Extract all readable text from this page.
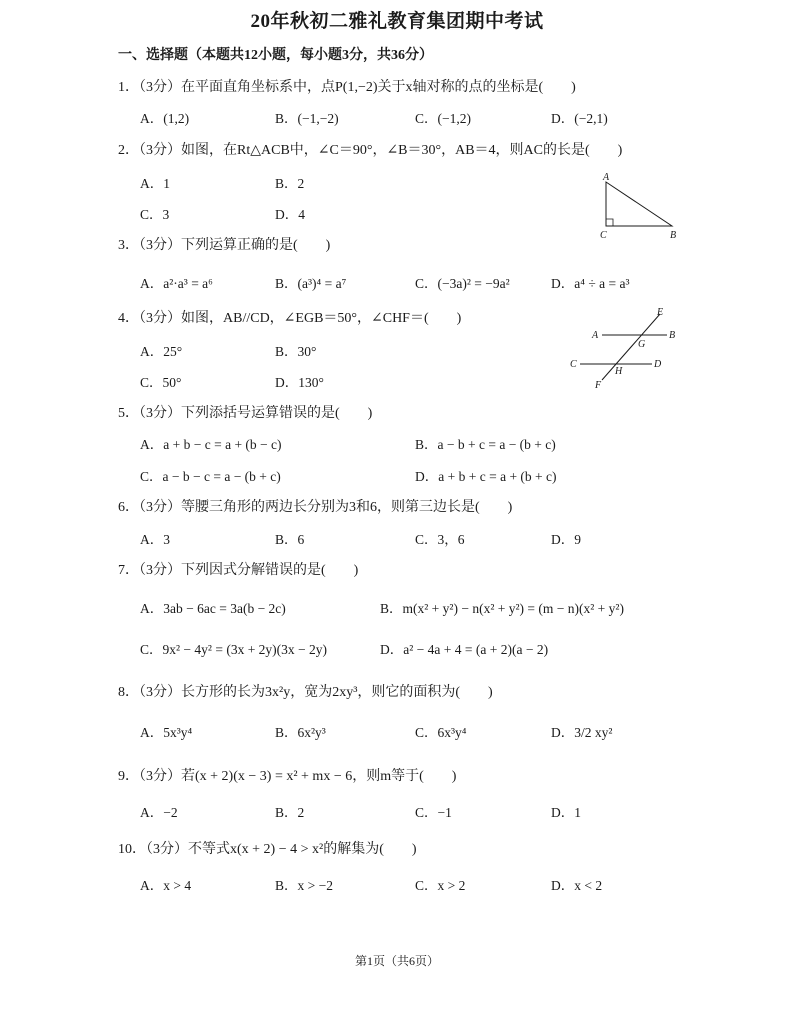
20年秋初二雅礼教育集团期中考试
一、选择题（本题共12小题，每小题3分，共36分）
1．（3分）在平面直角坐标系中，点P(1,−2)关于x轴对称的点的坐标是(　　)
A．(1,2)	B．(−1,−2)	C．(−1,2)	D．(−2,1)
2．（3分）如图，在Rt△ACB中，∠C＝90°，∠B＝30°，AB＝4，则AC的长是(　　)
A．1	B．2
C．3	D．4
A
C	B
3．（3分）下列运算正确的是(　　)
A．a²·a³ = a⁶	B．(a³)⁴ = a⁷	C．(−3a)² = −9a²	D．a⁴ ÷ a = a³
4．（3分）如图，AB//CD，∠EGB＝50°，∠CHF＝(　　)
A．25°	B．30°
C．50°	D．130°
E
A	B
G
C
H
D
F
5．（3分）下列添括号运算错误的是(　　)
A．a + b − c = a + (b − c)	B．a − b + c = a − (b + c)
C．a − b − c = a − (b + c)	D．a + b + c = a + (b + c)
6．（3分）等腰三角形的两边长分别为3和6，则第三边长是(　　)
A．3	B．6	C．3，6	D．9
7．（3分）下列因式分解错误的是(　　)
A．3ab − 6ac = 3a(b − 2c)	B．m(x² + y²) − n(x² + y²) = (m − n)(x² + y²)
C．9x² − 4y² = (3x + 2y)(3x − 2y)	D．a² − 4a + 4 = (a + 2)(a − 2)
8．（3分）长方形的长为3x²y，宽为2xy³，则它的面积为(　　)
A．5x³y⁴	B．6x²y³	C．6x³y⁴	D．3/2 xy²
9．（3分）若(x + 2)(x − 3) = x² + mx − 6，则m等于(　　)
A．−2	B．2	C．−1	D．1
10．（3分）不等式x(x + 2) − 4 > x²的解集为(　　)
A．x > 4	B．x > −2	C．x > 2	D．x < 2
第1页（共6页）
